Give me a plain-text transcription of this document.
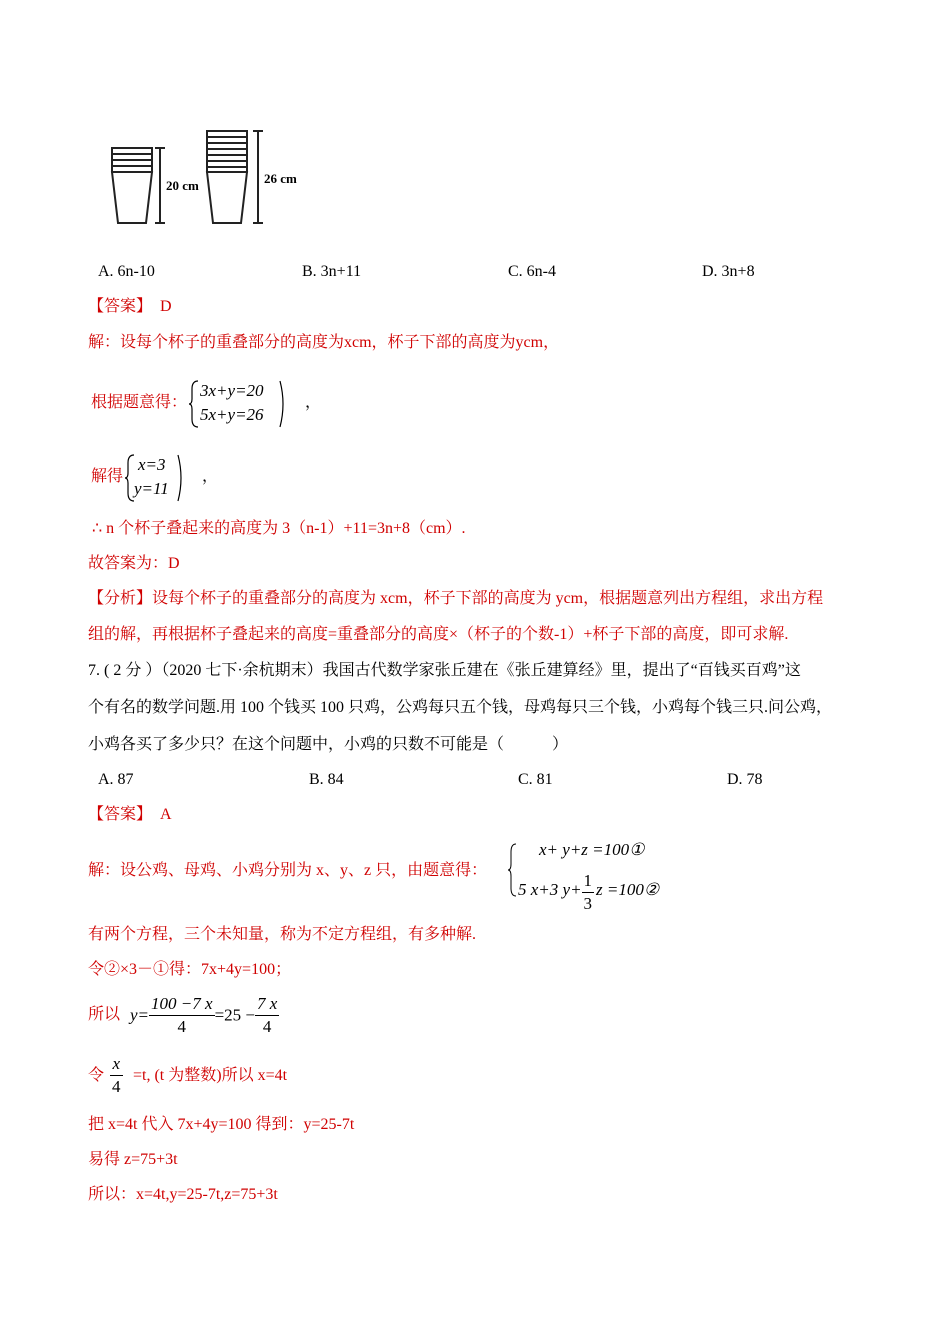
20 cm	26 cm
A. 6n-10	B. 3n+11	C. 6n-4	D. 3n+8
【答案】 D
解：设每个杯子的重叠部分的高度为xcm，杯子下部的高度为ycm，
根据题意得：
3x+y=20
5x+y=26
，
解得
x=3
y=11
，
∴ n 个杯子叠起来的高度为 3（n-1）+11=3n+8（cm）.
故答案为：D
【分析】设每个杯子的重叠部分的高度为 xcm，杯子下部的高度为 ycm，根据题意列出方程组，求出方程
组的解，再根据杯子叠起来的高度=重叠部分的高度×（杯子的个数-1）+杯子下部的高度，即可求解.
7. ( 2 分 ）（2020 七下·余杭期末）我国古代数学家张丘建在《张丘建算经》里，提出了“百钱买百鸡”这
个有名的数学问题.用 100 个钱买 100 只鸡，公鸡每只五个钱，母鸡每只三个钱，小鸡每个钱三只.问公鸡，
小鸡各买了多少只？在这个问题中，小鸡的只数不可能是（　　　）
A. 87	B. 84	C. 81	D. 78
【答案】 A
解：设公鸡、母鸡、小鸡分别为 x、y、z 只，由题意得：
x+ y+z =100①
5 x+3 $y+ \frac{1}{3}$ z =100②
有两个方程，三个未知量，称为不定方程组，有多种解.
令②×3－①得：7x+4y=100；
所以 $y= \frac{100 -7 x}{4} =25 - \frac{7 x}{4}$
令 $\frac{x}{4} =t$, (t 为整数)所以 x=4t
把 x=4t 代入 7x+4y=100 得到：y=25-7t
易得 z=75+3t
所以：x=4t,y=25-7t,z=75+3t
